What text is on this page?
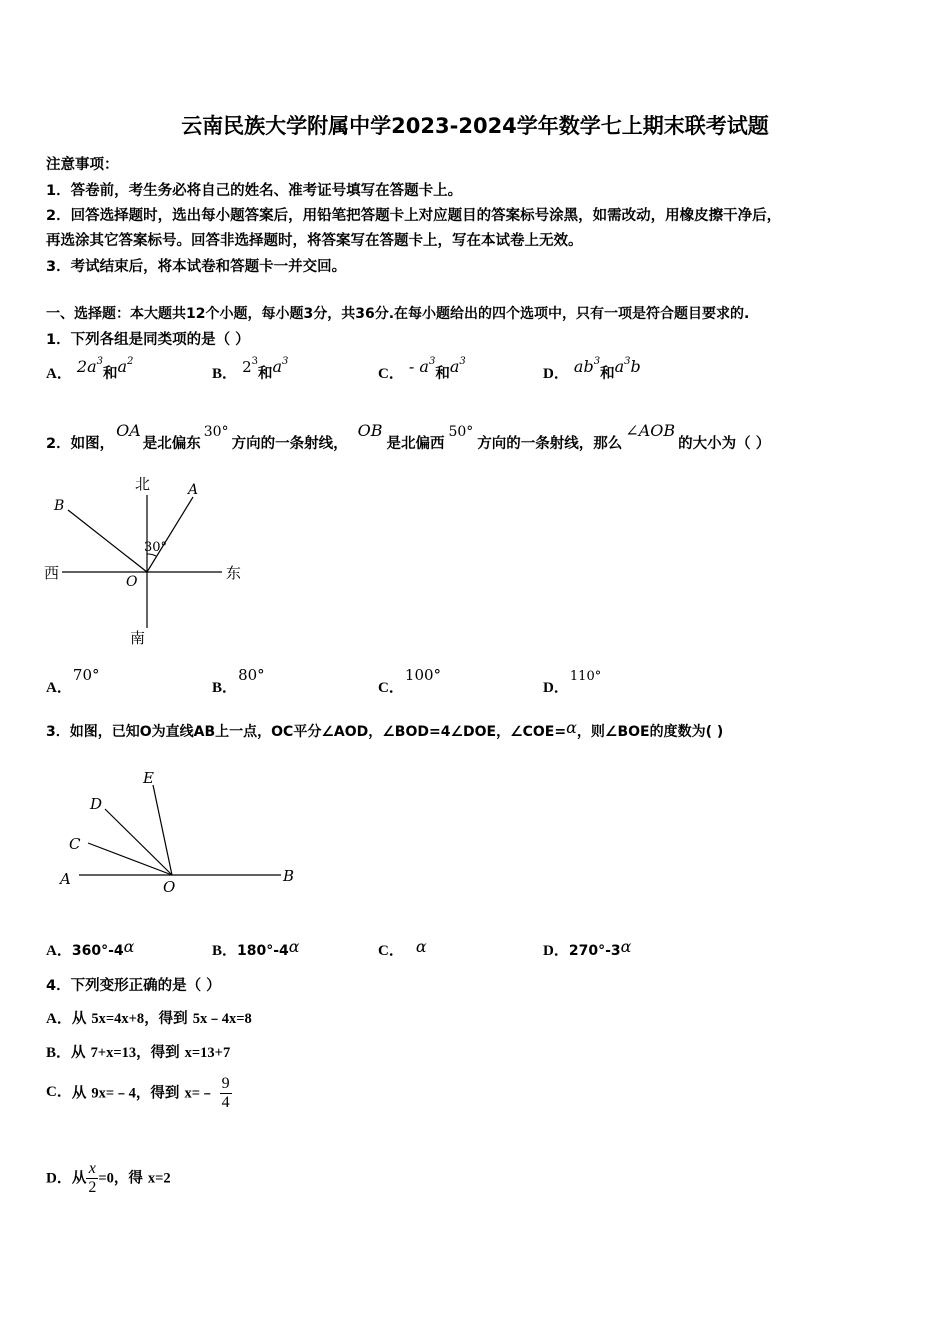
云南民族大学附属中学2023-2024学年数学七上期末联考试题
注意事项：
1．答卷前，考生务必将自己的姓名、准考证号填写在答题卡上。
2．回答选择题时，选出每小题答案后，用铅笔把答题卡上对应题目的答案标号涂黑，如需改动，用橡皮擦干净后，
再选涂其它答案标号。回答非选择题时，将答案写在答题卡上，写在本试卷上无效。
3．考试结束后，将本试卷和答题卡一并交回。
一、选择题：本大题共12个小题，每小题3分，共36分.在每小题给出的四个选项中，只有一项是符合题目要求的.
1．下列各组是同类项的是（ ）
A． $2a^3$和$a^2$
B． $2^3$和$a^3$
C． - $a^3$和$a^3$
D． $ab^3$和$a^3b$
2．如图，OA是北偏东30°方向的一条射线，OB是北偏西50°方向的一条射线，那么∠AOB的大小为（ ）
北
南
西	东
A
B
O
30°
A． 70°
B． 80°
C． 100°
D． 110°
3．如图，已知O为直线AB上一点，OC平分∠AOD，∠BOD=4∠DOE，∠COE=α，则∠BOE的度数为( )
A	B
C
D
E
O
A．360°-4α	B．180°-4α	C． α	D．270°-3α
4．下列变形正确的是（ ）
A．从 5x=4x+8，得到 5x﹣4x=8
B．从 7+x=13，得到 x=13+7
C．从 9x=﹣4，得到 x=﹣ $\frac{9}{4}$
D．从 $\frac{x}{2} =0$，得 x=2
